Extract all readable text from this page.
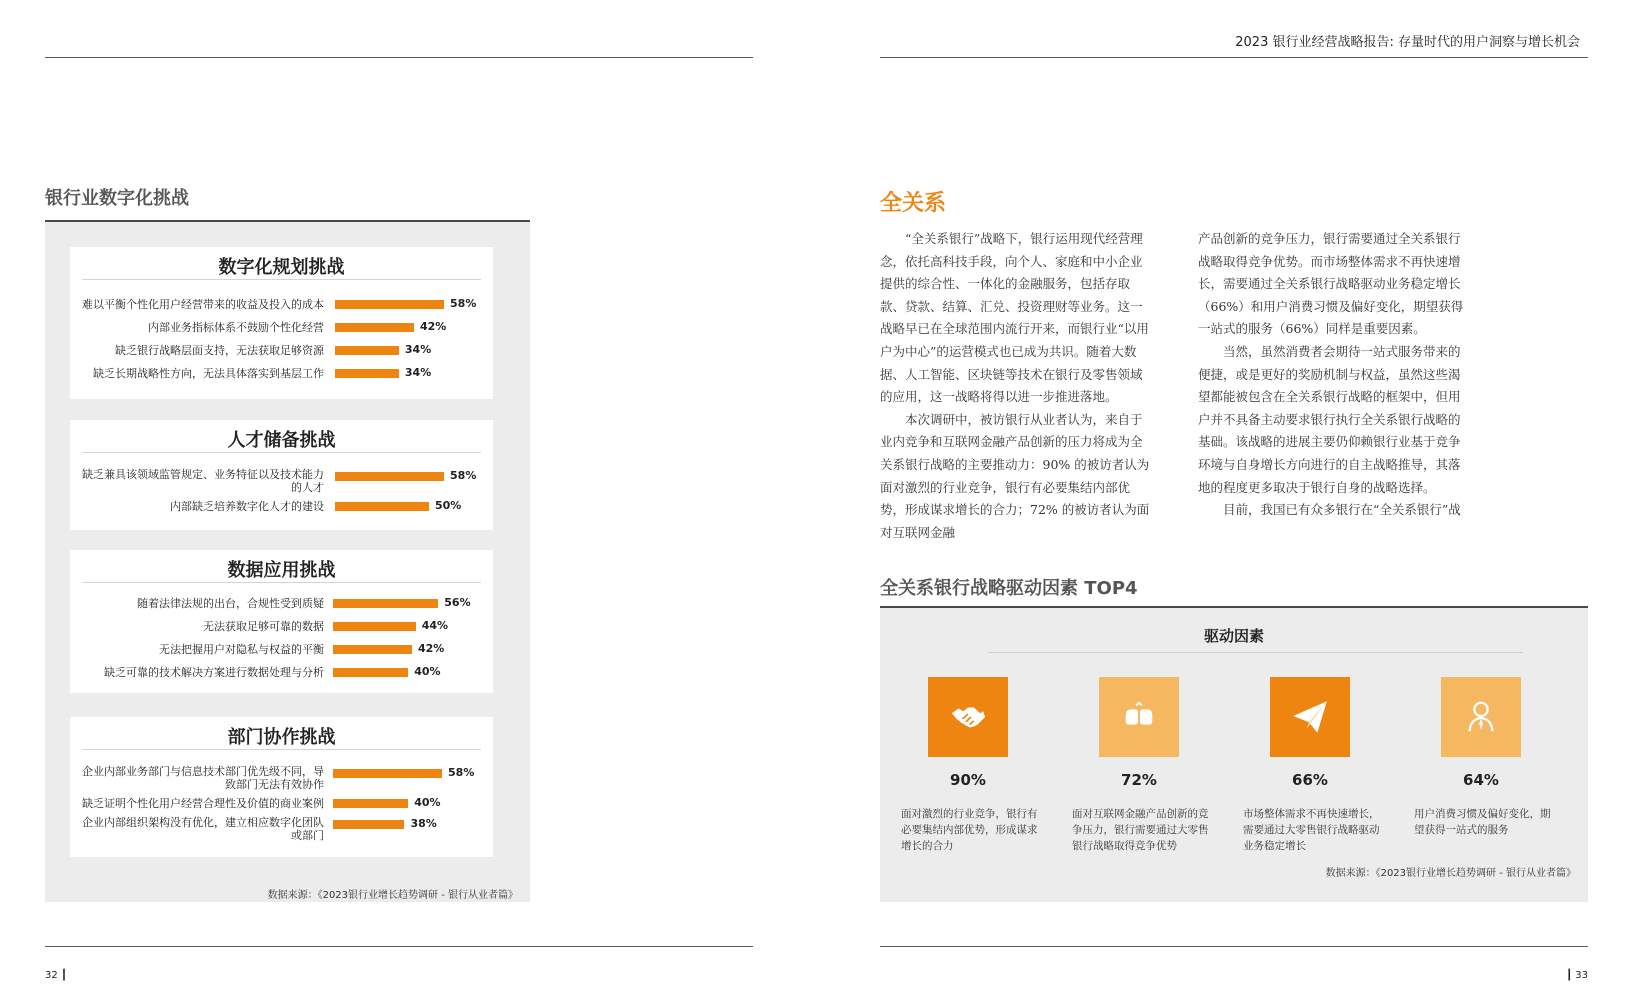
2023 银行业经营战略报告: 存量时代的用户洞察与增长机会
银行业数字化挑战
数字化规划挑战
难以平衡个性化用户经营带来的收益及投入的成本	58%
内部业务指标体系不鼓励个性化经营	42%
缺乏银行战略层面支持，无法获取足够资源	34%
缺乏长期战略性方向，无法具体落实到基层工作	34%
人才储备挑战
缺乏兼具该领域监管规定、业务特征以及技术能力的人才
58%
内部缺乏培养数字化人才的建设	50%
数据应用挑战
随着法律法规的出台，合规性受到质疑	56%
无法获取足够可靠的数据	44%
无法把握用户对隐私与权益的平衡	42%
缺乏可靠的技术解决方案进行数据处理与分析	40%
部门协作挑战
企业内部业务部门与信息技术部门优先级不同，导致部门无法有效协作
58%
缺乏证明个性化用户经营合理性及价值的商业案例	40%
企业内部组织架构没有优化，建立相应数字化团队或部门
38%
数据来源：《2023银行业增长趋势调研 - 银行从业者篇》
全关系

“全关系银行”战略下，银行运用现代经营理念，依托高科技手段，向个人、家庭和中小企业提供的综合性、一体化的金融服务，包括存取款、贷款、结算、汇兑、投资理财等业务。这一战略早已在全球范围内流行开来，而银行业“以用户为中心”的运营模式也已成为共识。随着大数据、人工智能、区块链等技术在银行及零售领域的应用，这一战略将得以进一步推进落地。

本次调研中，被访银行从业者认为，来自于业内竞争和互联网金融产品创新的压力将成为全关系银行战略的主要推动力：90% 的被访者认为面对激烈的行业竞争，银行有必要集结内部优势，形成谋求增长的合力；72% 的被访者认为面对互联网金融

产品创新的竞争压力，银行需要通过全关系银行战略取得竞争优势。而市场整体需求不再快速增长，需要通过全关系银行战略驱动业务稳定增长（66%）和用户消费习惯及偏好变化，期望获得一站式的服务（66%）同样是重要因素。

当然，虽然消费者会期待一站式服务带来的便捷，或是更好的奖励机制与权益，虽然这些渴望都能被包含在全关系银行战略的框架中，但用户并不具备主动要求银行执行全关系银行战略的基础。该战略的进展主要仍仰赖银行业基于竞争环境与自身增长方向进行的自主战略推导，其落地的程度更多取决于银行自身的战略选择。

目前，我国已有众多银行在“全关系银行”战

全关系银行战略驱动因素 TOP4
驱动因素
90%	72%	66%	64%
面对激烈的行业竞争，银行有必要集结内部优势，形成谋求增长的合力
面对互联网金融产品创新的竞争压力，银行需要通过大零售银行战略取得竞争优势
市场整体需求不再快速增长，需要通过大零售银行战略驱动业务稳定增长
用户消费习惯及偏好变化，期望获得一站式的服务
数据来源：《2023银行业增长趋势调研 - 银行从业者篇》
32 ┃	┃ 33
